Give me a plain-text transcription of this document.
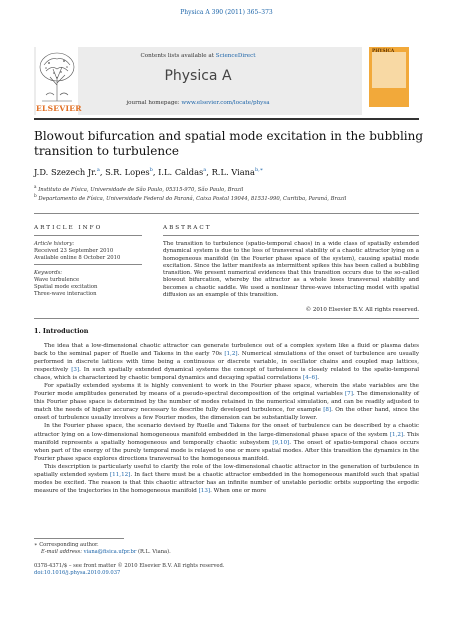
Physica A 390 (2011) 365–373
Contents lists available at ScienceDirect
Physica A
journal homepage: www.elsevier.com/locate/physa
ELSEVIER
PHYSICA
Blowout bifurcation and spatial mode excitation in the bubbling transition to turbulence
J.D. Szezech Jr.$^a$, S.R. Lopes$^b$, I.L. Caldas$^a$, R.L. Viana$^{b,∗}$
$^a$ Instituto de Física, Universidade de São Paulo, 05315-970, São Paulo, Brazil
$^b$ Departamento de Física, Universidade Federal do Paraná, Caixa Postal 19044, 81531-990, Curitiba, Paraná, Brazil
ARTICLE INFO	ABSTRACT
Article history:
Received 23 September 2010
Available online 8 October 2010
Keywords:
Wave turbulence
Spatial mode excitation
Three-wave interaction
The transition to turbulence (spatio-temporal chaos) in a wide class of spatially extended dynamical system is due to the loss of transversal stability of a chaotic attractor lying on a homogeneous manifold (in the Fourier phase space of the system), causing spatial mode excitation. Since the latter manifests as intermittent spikes this has been called a bubbling transition. We present numerical evidences that this transition occurs due to the so-called blowout bifurcation, whereby the attractor as a whole loses transversal stability and becomes a chaotic saddle. We used a nonlinear three-wave interacting model with spatial diffusion as an example of this transition.
© 2010 Elsevier B.V. All rights reserved.
1. Introduction

The idea that a low-dimensional chaotic attractor can generate turbulence out of a complex system like a fluid or plasma dates back to the seminal paper of Ruelle and Takens in the early 70s [1,2]. Numerical simulations of the onset of turbulence are usually performed in discrete lattices with time being a continuous or discrete variable, in oscillator chains and coupled map lattices, respectively [3]. In such spatially extended dynamical systems the concept of turbulence is closely related to the spatio-temporal chaos, which is characterized by chaotic temporal dynamics and decaying spatial correlations [4–6].

For spatially extended systems it is highly convenient to work in the Fourier phase space, wherein the state variables are the Fourier mode amplitudes generated by means of a pseudo-spectral decomposition of the original variables [7]. The dimensionality of this Fourier phase space is determined by the number of modes retained in the numerical simulation, and can be readily adjusted to match the needs of higher accuracy necessary to describe fully developed turbulence, for example [8]. On the other hand, since the onset of turbulence usually involves a few Fourier modes, the dimension can be substantially lower.

In the Fourier phase space, the scenario devised by Ruelle and Takens for the onset of turbulence can be described by a chaotic attractor lying on a low-dimensional homogeneous manifold embedded in the large-dimensional phase space of the system [1,2]. This manifold represents a spatially homogeneous and temporally chaotic subsystem [9,10]. The onset of spatio-temporal chaos occurs when part of the energy of the purely temporal mode is relayed to one or more spatial modes. After this transition the dynamics in the Fourier phase space explores directions transversal to the homogeneous manifold.

This description is particularly useful to clarify the role of the low-dimensional chaotic attractor in the generation of turbulence in spatially extended system [11,12]. In fact there must be a chaotic attractor embedded in the homogeneous manifold such that spatial modes be excited. The reason is that this chaotic attractor has an infinite number of unstable periodic orbits supporting the ergodic measure of the trajectories in the homogeneous manifold [13]. When one or more

∗ Corresponding author.
E-mail address: viana@fisica.ufpr.br (R.L. Viana).
0378-4371/$ – see front matter © 2010 Elsevier B.V. All rights reserved.
doi:10.1016/j.physa.2010.09.037
